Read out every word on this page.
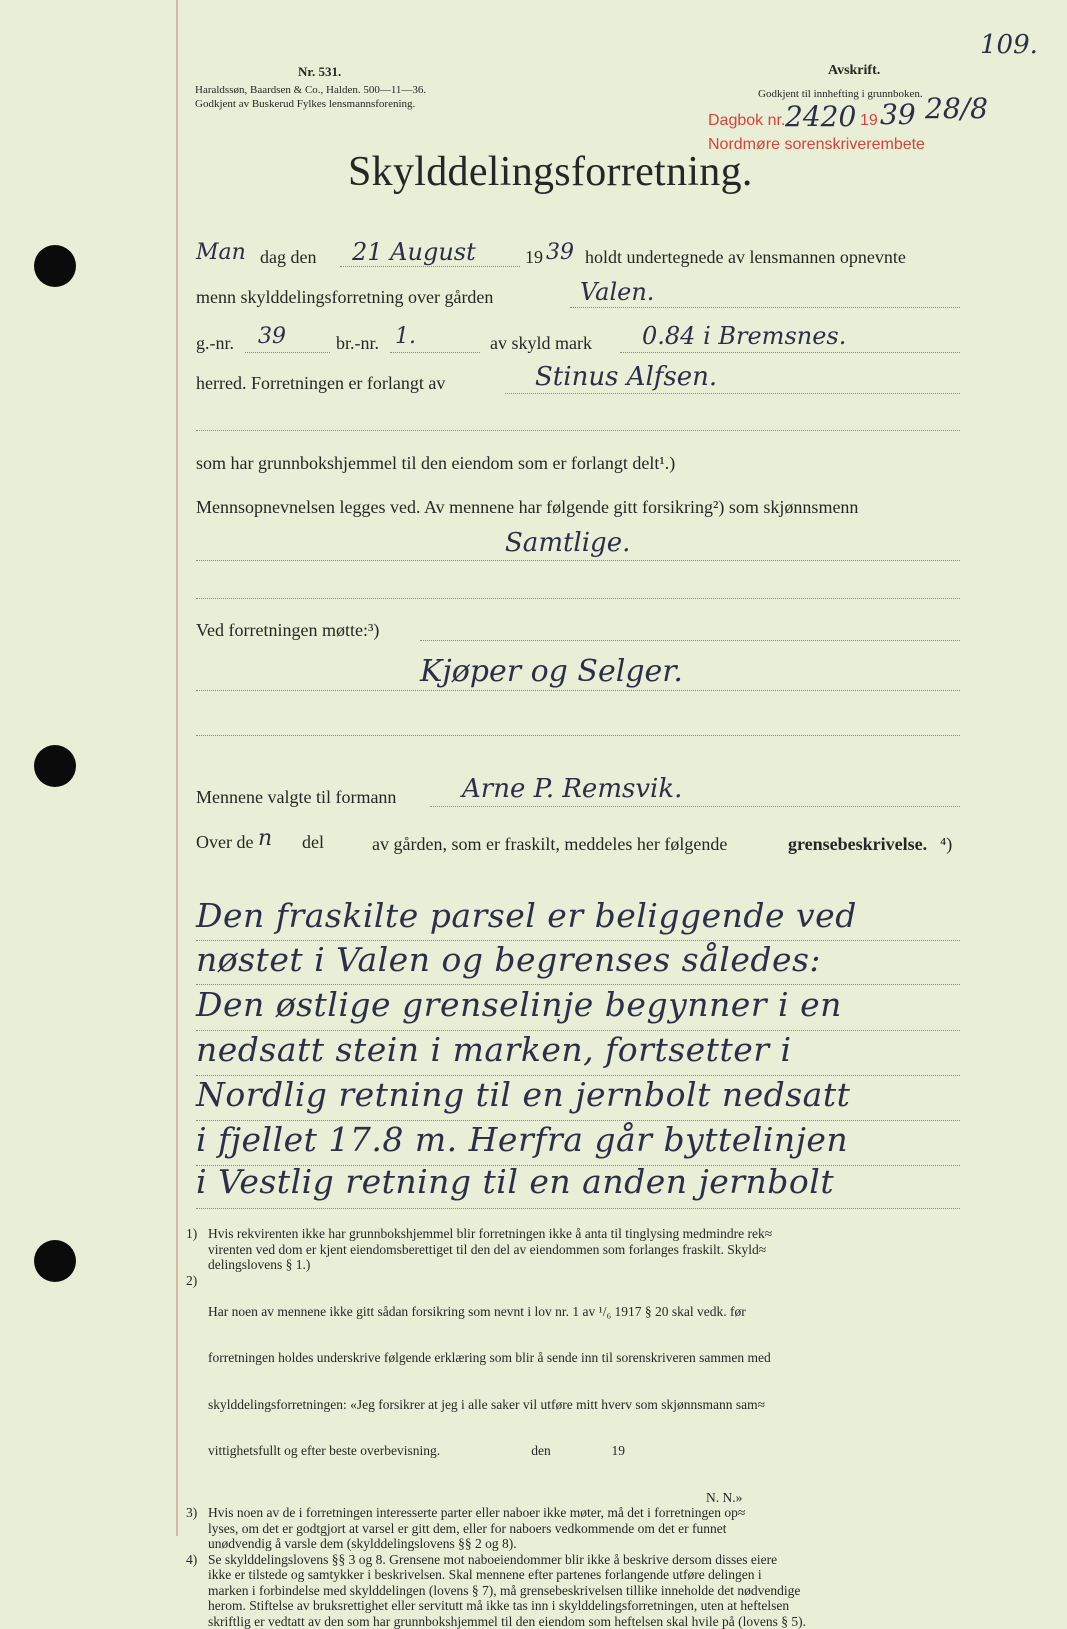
109.
Nr. 531.
Haraldssøn, Baardsen & Co., Halden. 500—11—36.
Godkjent av Buskerud Fylkes lensmannsforening.
Avskrift.
Godkjent til innhefting i grunnboken.
Dagbok nr. 2420 19 39 28/8
Nordmøre sorenskriverembete
Skylddelingsforretning.
Man dag den 21 August	19 39 holdt undertegnede av lensmannen opnevnte
menn skylddelingsforretning over gården	Valen.
g.-nr. 39	br.-nr. 1.	av skyld mark 0.84 i Bremsnes.
herred. Forretningen er forlangt av	Stinus Alfsen.
som har grunnbokshjemmel til den eiendom som er forlangt delt¹.)
Mennsopnevnelsen legges ved. Av mennene har følgende gitt forsikring²) som skjønnsmenn
Samtlige.
Ved forretningen møtte:³)
Kjøper og Selger.
Mennene valgte til formann	Arne P. Remsvik.
Over de n del	av gården, som er fraskilt, meddeles her følgende	grensebeskrivelse. ⁴)
Den fraskilte parsel er beliggende ved
nøstet i Valen og begrenses således:
Den østlige grenselinje begynner i en
nedsatt stein i marken, fortsetter i
Nordlig retning til en jernbolt nedsatt
i fjellet 17.8 m. Herfra går byttelinjen
i Vestlig retning til en anden jernbolt
1) Hvis rekvirenten ikke har grunnbokshjemmel blir forretningen ikke å anta til tinglysing medmindre rek≈
virenten ved dom er kjent eiendomsberettiget til den del av eiendommen som forlanges fraskilt. Skyld≈
delingslovens § 1.)
2)

Har noen av mennene ikke gitt sådan forsikring som nevnt i lov nr. 1 av ¹/₆ 1917 § 20 skal vedk. før

forretningen holdes underskrive følgende erklæring som blir å sende inn til sorenskriveren sammen med

skylddelingsforretningen: «Jeg forsikrer at jeg i alle saker vil utføre mitt hverv som skjønnsmann sam≈

vittighetsfullt og efter beste overbevisning.                           den                  19

N. N.»
3) Hvis noen av de i forretningen interesserte parter eller naboer ikke møter, må det i forretningen op≈
lyses, om det er godtgjort at varsel er gitt dem, eller for naboers vedkommende om det er funnet
unødvendig å varsle dem (skylddelingslovens §§ 2 og 8).
4) Se skylddelingslovens §§ 3 og 8. Grensene mot naboeiendommer blir ikke å beskrive dersom disses eiere
ikke er tilstede og samtykker i beskrivelsen. Skal mennene efter partenes forlangende utføre delingen i
marken i forbindelse med skylddelingen (lovens § 7), må grensebeskrivelsen tillike inneholde det nødvendige
herom. Stiftelse av bruksrettighet eller servitutt må ikke tas inn i skylddelingsforretningen, uten at heftelsen
skriftlig er vedtatt av den som har grunnbokshjemmel til den eiendom som heftelsen skal hvile på (lovens § 5).
